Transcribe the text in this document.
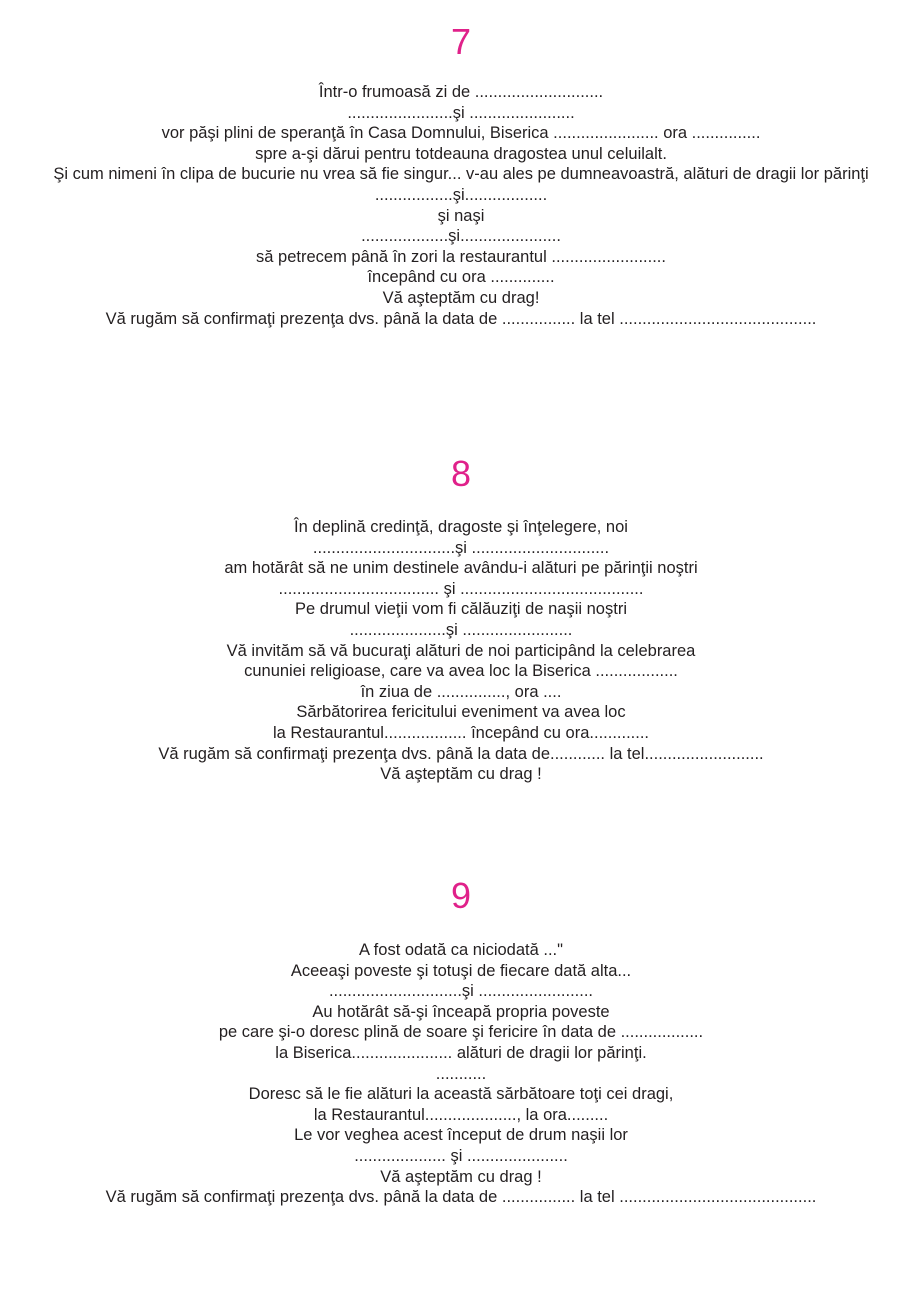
7
Într-o frumoasă zi de ............................
.......................şi .......................
vor păşi plini de speranţă în Casa Domnului, Biserica ....................... ora ...............
spre a-şi dărui pentru totdeauna dragostea unul celuilalt.
Şi cum nimeni în clipa de bucurie nu vrea să fie singur... v-au ales pe dumneavoastră, alături de dragii lor părinţi
.................şi..................
şi naşi
...................şi......................
să petrecem până în zori la restaurantul .........................
începând cu ora ..............
Vă aşteptăm cu drag!
Vă rugăm să confirmaţi prezenţa dvs. până la data de ................ la tel ...........................................
8
În deplină credinţă, dragoste şi înţelegere, noi
...............................şi ..............................
am hotărât să ne unim destinele avându-i alături pe părinţii noştri
................................... şi ........................................
Pe drumul vieţii vom fi călăuziţi de naşii noştri
.....................şi ........................
Vă invităm să vă bucuraţi alături de noi participând la celebrarea
cununiei religioase, care va avea loc la Biserica ..................
în ziua de ..............., ora ....
Sărbătorirea fericitului eveniment va avea loc
la Restaurantul.................. începând cu ora.............
Vă rugăm să confirmaţi prezenţa dvs. până la data de............ la tel..........................
Vă aşteptăm cu drag !
9
A fost odată ca niciodată ..."
Aceeaşi poveste şi totuşi de fiecare dată alta...
.............................şi .........................
Au hotărât să-şi înceapă propria poveste
pe care şi-o doresc plină de soare şi fericire în data de ..................
la Biserica...................... alături de dragii lor părinţi.
...........
Doresc să le fie alături la această sărbătoare toţi cei dragi,
la Restaurantul...................., la ora.........
Le vor veghea acest început de drum naşii lor
.................... şi ......................
Vă aşteptăm cu drag !
Vă rugăm să confirmaţi prezenţa dvs. până la data de ................ la tel ...........................................
